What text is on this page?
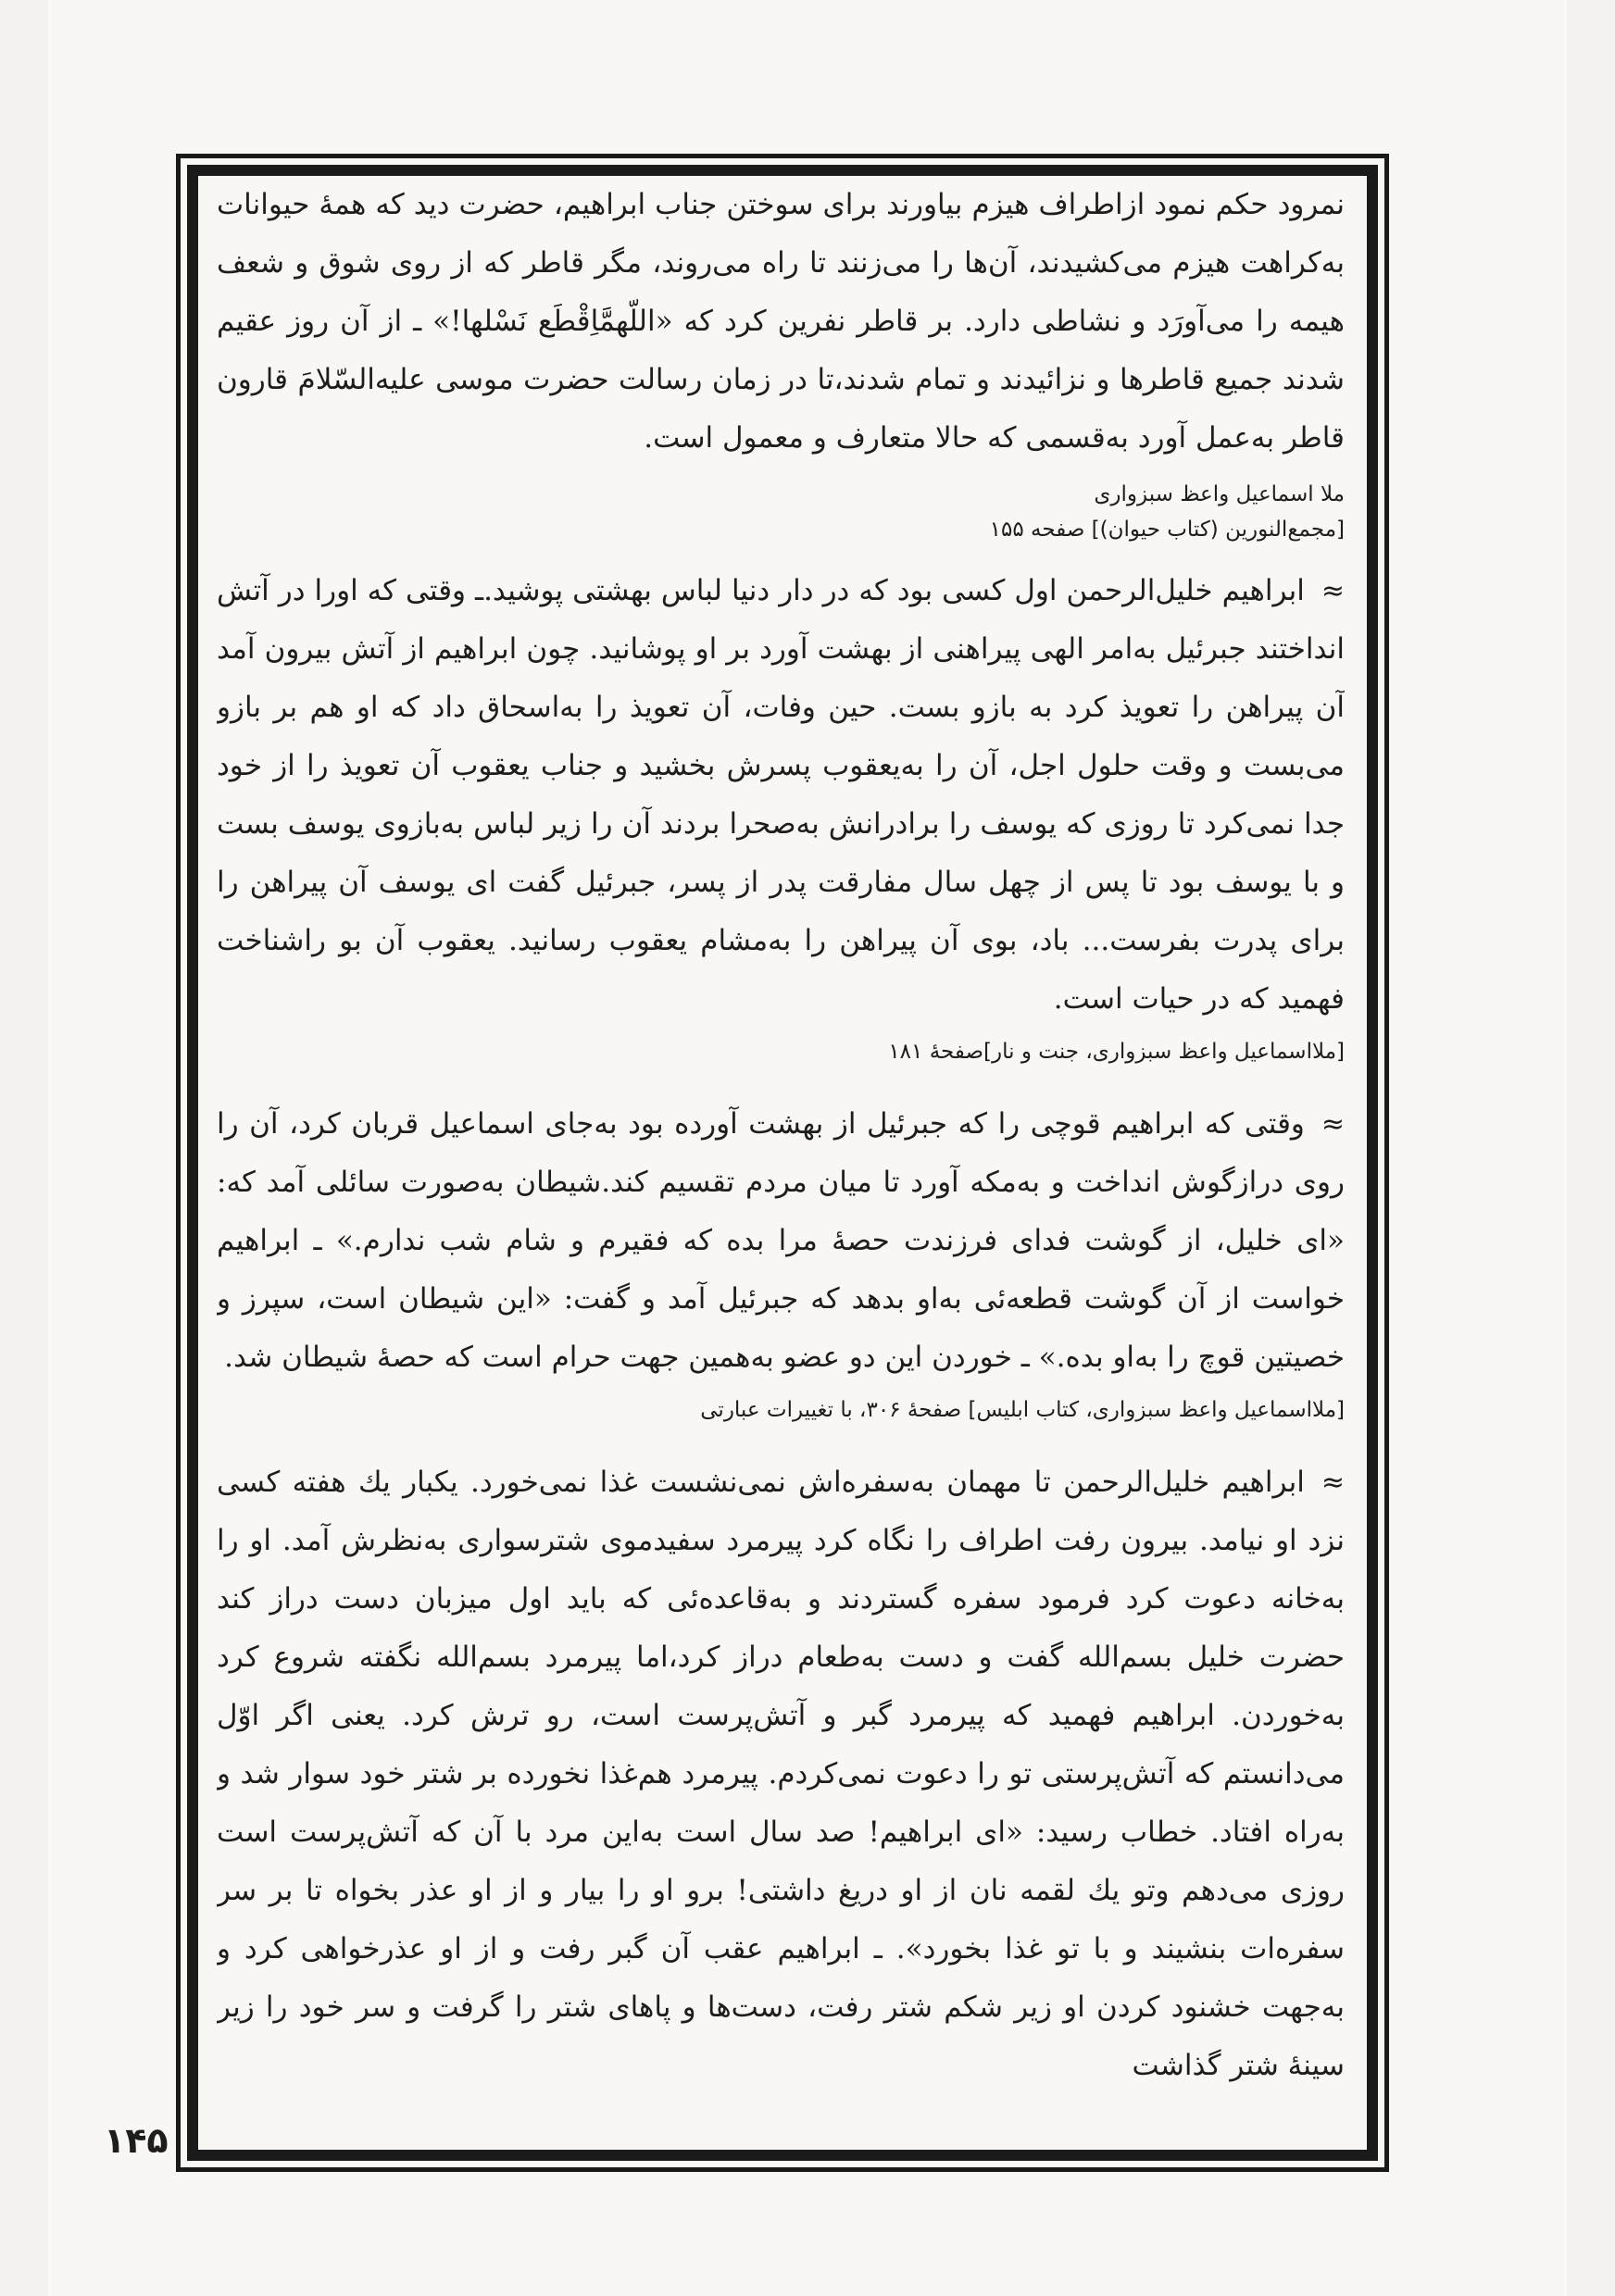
نمرود حکم نمود ازاطراف هیزم بیاورند برای سوختن جناب ابراهیم، حضرت دید که همهٔ حیوانات به‌کراهت هیزم می‌کشیدند، آن‌ها را می‌زنند تا راه می‌روند، مگر قاطر که از روی شوق و شعف هیمه را می‌آورَد و نشاطی دارد. بر قاطر نفرین کرد که «اللّهمَّاِقْطَع نَسْلها!» ـ از آن روز عقیم شدند جمیع قاطرها و نزائیدند و تمام شدند،تا در زمان رسالت حضرت موسی علیه‌السّلامَ قارون قاطر به‌عمل آورد به‌قسمی که حالا متعارف و معمول است.

ملا اسماعیل واعظ سبزواری
[مجمع‌النورین (کتاب حیوان)] صفحه ۱۵۵

≈ابراهیم خلیل‌الرحمن اول کسی بود که در دار دنیا لباس بهشتی پوشید.ـ وقتی که اورا در آتش انداختند جبرئیل به‌امر الهی پیراهنی از بهشت آورد بر او پوشانید. چون ابراهیم از آتش بیرون آمد آن پیراهن را تعویذ کرد به بازو بست. حین وفات، آن تعویذ را به‌اسحاق داد که او هم بر بازو می‌بست و وقت حلول اجل، آن را به‌یعقوب پسرش بخشید و جناب یعقوب آن تعویذ را از خود جدا نمی‌کرد تا روزی که یوسف را برادرانش به‌صحرا بردند آن را زیر لباس به‌بازوی یوسف بست و با یوسف بود تا پس از چهل سال مفارقت پدر از پسر، جبرئیل گفت ای یوسف آن پیراهن را برای پدرت بفرست... باد، بوی آن پیراهن را به‌مشام یعقوب رسانید. یعقوب آن بو راشناخت فهمید که در حیات است.

[ملااسماعیل واعظ سبزواری، جنت و نار]صفحهٔ ۱۸۱

≈وقتی که ابراهیم قوچی را که جبرئیل از بهشت آورده بود به‌جای اسماعیل قربان کرد، آن را روی درازگوش انداخت و به‌مکه آورد تا میان مردم تقسیم کند.شیطان به‌صورت سائلی آمد که: «ای خلیل، از گوشت فدای فرزندت حصهٔ مرا بده که فقیرم و شام شب ندارم.» ـ ابراهیم خواست از آن گوشت قطعه‌ئی به‌او بدهد که جبرئیل آمد و گفت: «این شیطان است، سپرز و خصیتین قوچ را به‌او بده.» ـ خوردن این دو عضو به‌همین جهت حرام است که حصهٔ شیطان شد.

[ملااسماعیل واعظ سبزواری، کتاب ابلیس] صفحهٔ ۳۰۶، با تغییرات عبارتی

≈ابراهیم خلیل‌الرحمن تا مهمان به‌سفره‌اش نمی‌نشست غذا نمی‌خورد. یکبار یك هفته کسی نزد او نیامد. بیرون رفت اطراف را نگاه کرد پیرمرد سفیدموی شترسواری به‌نظرش آمد. او را به‌خانه دعوت کرد فرمود سفره گستردند و به‌قاعده‌ئی که باید اول میزبان دست دراز کند حضرت خلیل بسم‌الله گفت و دست به‌طعام دراز کرد،اما پیرمرد بسم‌الله نگفته شروع کرد به‌خوردن. ابراهیم فهمید که پیرمرد گبر و آتش‌پرست است، رو ترش کرد. یعنی اگر اوّل می‌دانستم که آتش‌پرستی تو را دعوت نمی‌کردم. پیرمرد هم‌غذا نخورده بر شتر خود سوار شد و به‌راه افتاد. خطاب رسید: «ای ابراهیم! صد سال است به‌این مرد با آن که آتش‌پرست است روزی می‌دهم وتو یك لقمه نان از او دریغ داشتی! برو او را بیار و از او عذر بخواه تا بر سر سفره‌ات بنشیند و با تو غذا بخورد». ـ ابراهیم عقب آن گبر رفت و از او عذرخواهی کرد و به‌جهت خشنود کردن او زیر شکم شتر رفت، دست‌ها و پاهای شتر را گرفت و سر خود را زیر سینهٔ شتر گذاشت

۱۴۵
